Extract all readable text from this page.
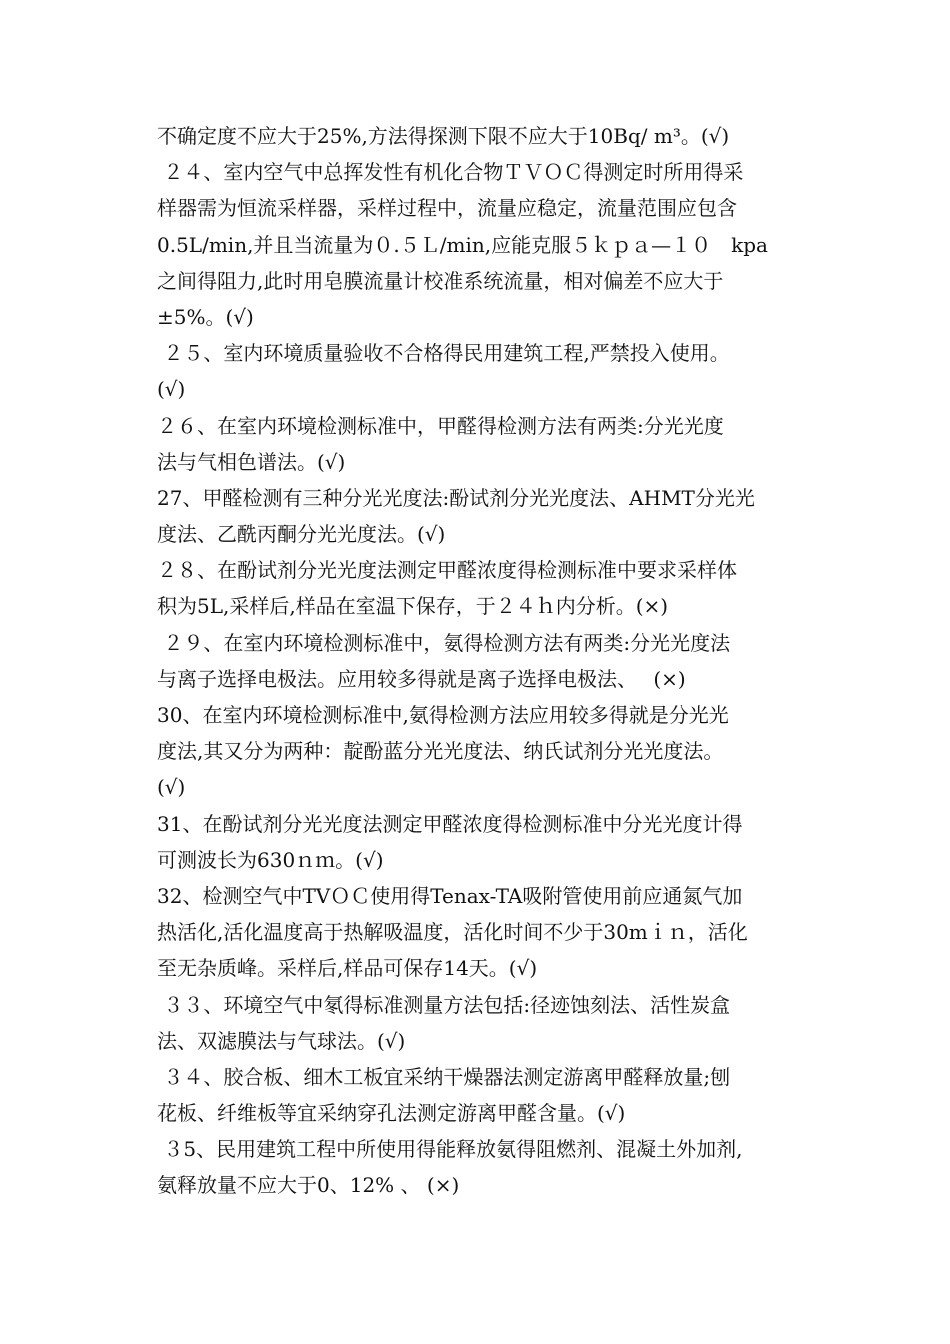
不确定度不应大于25%,方法得探测下限不应大于10Bq/ m³。(√)
２４、室内空气中总挥发性有机化合物ＴＶＯＣ得测定时所用得采
样器需为恒流采样器，采样过程中，流量应稳定，流量范围应包含
0.5L/min,并且当流量为０.５Ｌ/min,应能克服５ｋｐａ—１０　kpa
之间得阻力,此时用皂膜流量计校准系统流量，相对偏差不应大于
±5%。(√)
２５、室内环境质量验收不合格得民用建筑工程,严禁投入使用。
(√)
２６、在室内环境检测标准中，甲醛得检测方法有两类:分光光度
法与气相色谱法。(√)
27、甲醛检测有三种分光光度法:酚试剂分光光度法、AHMT分光光
度法、乙酰丙酮分光光度法。(√)
２８、在酚试剂分光光度法测定甲醛浓度得检测标准中要求采样体
积为5L,采样后,样品在室温下保存，于２４ｈ内分析。(×)
２９、在室内环境检测标准中，氨得检测方法有两类:分光光度法
与离子选择电极法。应用较多得就是离子选择电极法、　 (×)
30、在室内环境检测标准中,氨得检测方法应用较多得就是分光光
度法,其又分为两种：靛酚蓝分光光度法、纳氏试剂分光光度法。
(√)
31、在酚试剂分光光度法测定甲醛浓度得检测标准中分光光度计得
可测波长为630ｎｍ。(√)
32、检测空气中TVＯＣ使用得Tenax-TA吸附管使用前应通氮气加
热活化,活化温度高于热解吸温度，活化时间不少于30mｉｎ，活化
至无杂质峰。采样后,样品可保存14天。(√)
３３、环境空气中氡得标准测量方法包括:径迹蚀刻法、活性炭盒
法、双滤膜法与气球法。(√)
３４、胶合板、细木工板宜采纳干燥器法测定游离甲醛释放量;刨
花板、纤维板等宜采纳穿孔法测定游离甲醛含量。(√)
３5、民用建筑工程中所使用得能释放氨得阻燃剂、混凝土外加剂,
氨释放量不应大于0、12% 、 (×)
